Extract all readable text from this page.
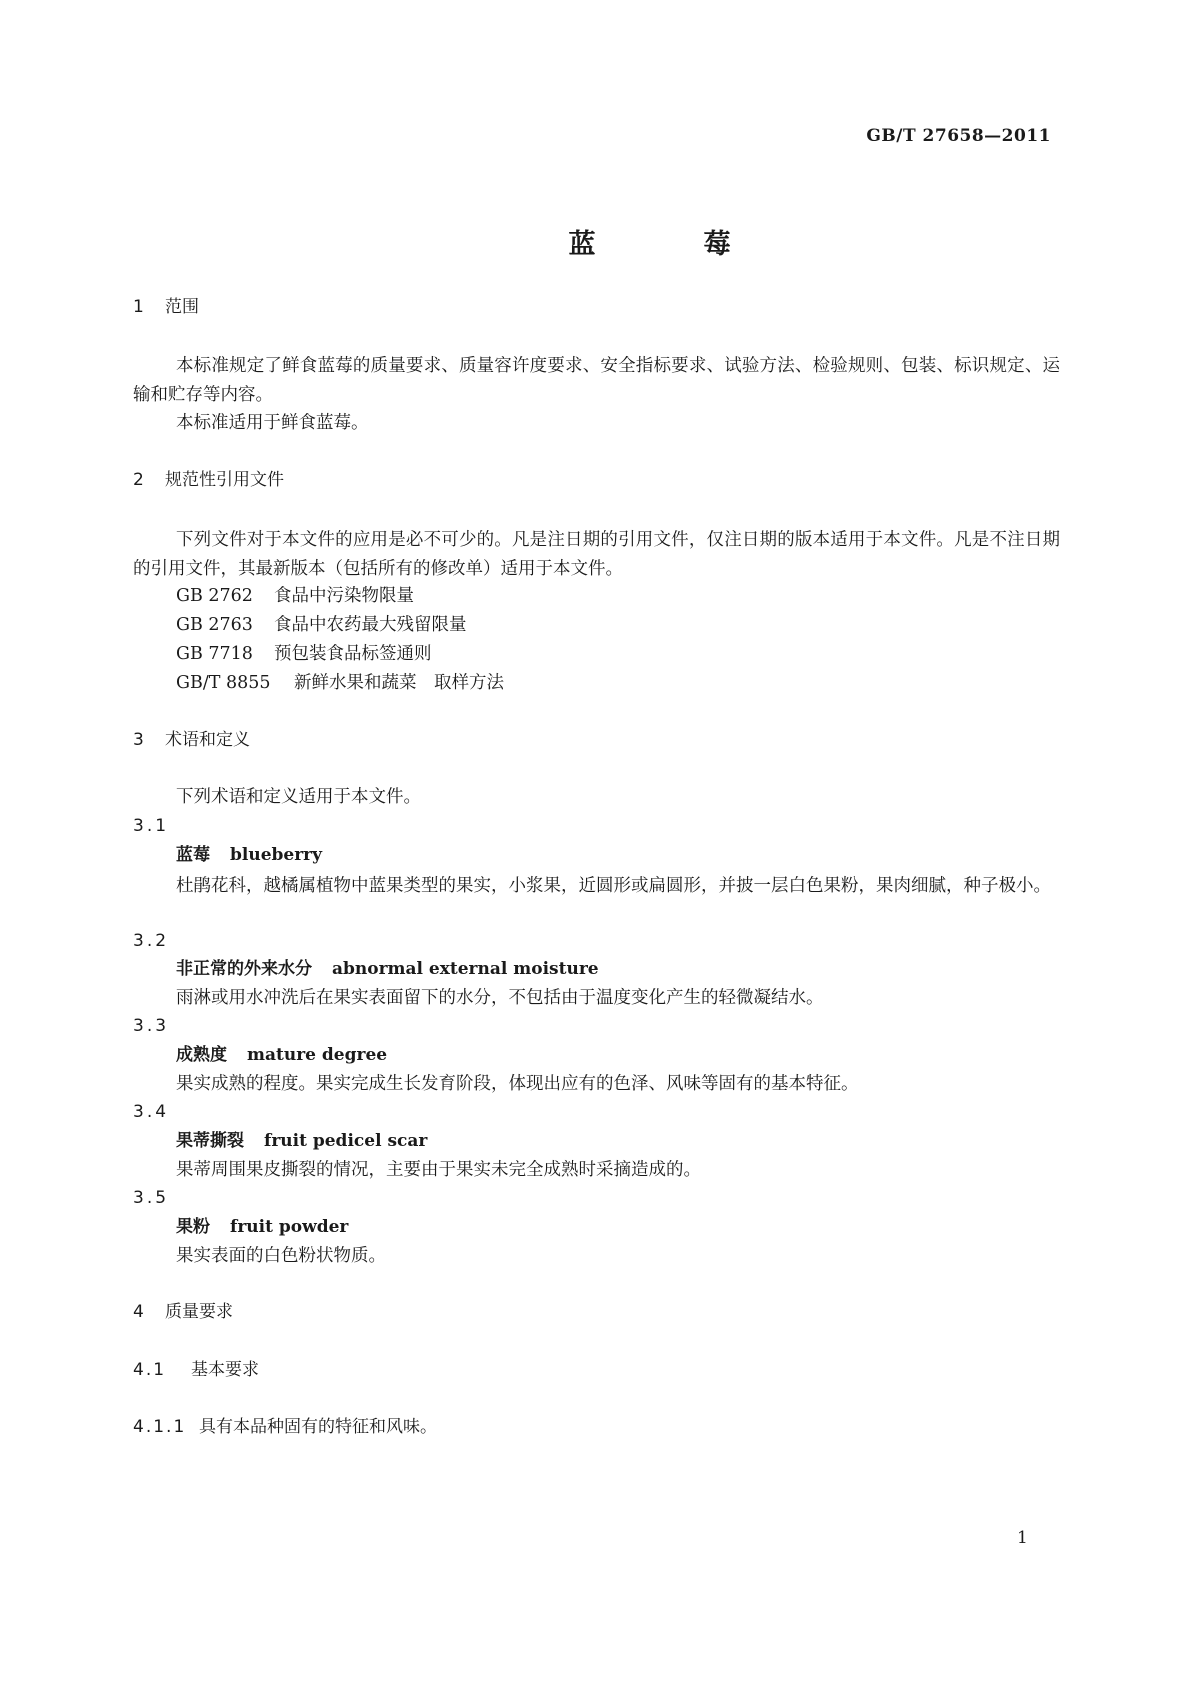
GB/T 27658—2011
蓝莓
1 范围
本标准规定了鲜食蓝莓的质量要求、质量容许度要求、安全指标要求、试验方法、检验规则、包装、标识规定、运输和贮存等内容。
本标准适用于鲜食蓝莓。
2 规范性引用文件
下列文件对于本文件的应用是必不可少的。凡是注日期的引用文件，仅注日期的版本适用于本文件。凡是不注日期的引用文件，其最新版本（包括所有的修改单）适用于本文件。
GB 2762 食品中污染物限量
GB 2763 食品中农药最大残留限量
GB 7718 预包装食品标签通则
GB/T 8855 新鲜水果和蔬菜　取样方法
3 术语和定义
下列术语和定义适用于本文件。
3.1
蓝莓 blueberry
杜鹃花科，越橘属植物中蓝果类型的果实，小浆果，近圆形或扁圆形，并披一层白色果粉，果肉细腻，种子极小。
3.2
非正常的外来水分 abnormal external moisture
雨淋或用水冲洗后在果实表面留下的水分，不包括由于温度变化产生的轻微凝结水。
3.3
成熟度 mature degree
果实成熟的程度。果实完成生长发育阶段，体现出应有的色泽、风味等固有的基本特征。
3.4
果蒂撕裂 fruit pedicel scar
果蒂周围果皮撕裂的情况，主要由于果实未完全成熟时采摘造成的。
3.5
果粉 fruit powder
果实表面的白色粉状物质。
4 质量要求
4.1 基本要求
4.1.1 具有本品种固有的特征和风味。
1
